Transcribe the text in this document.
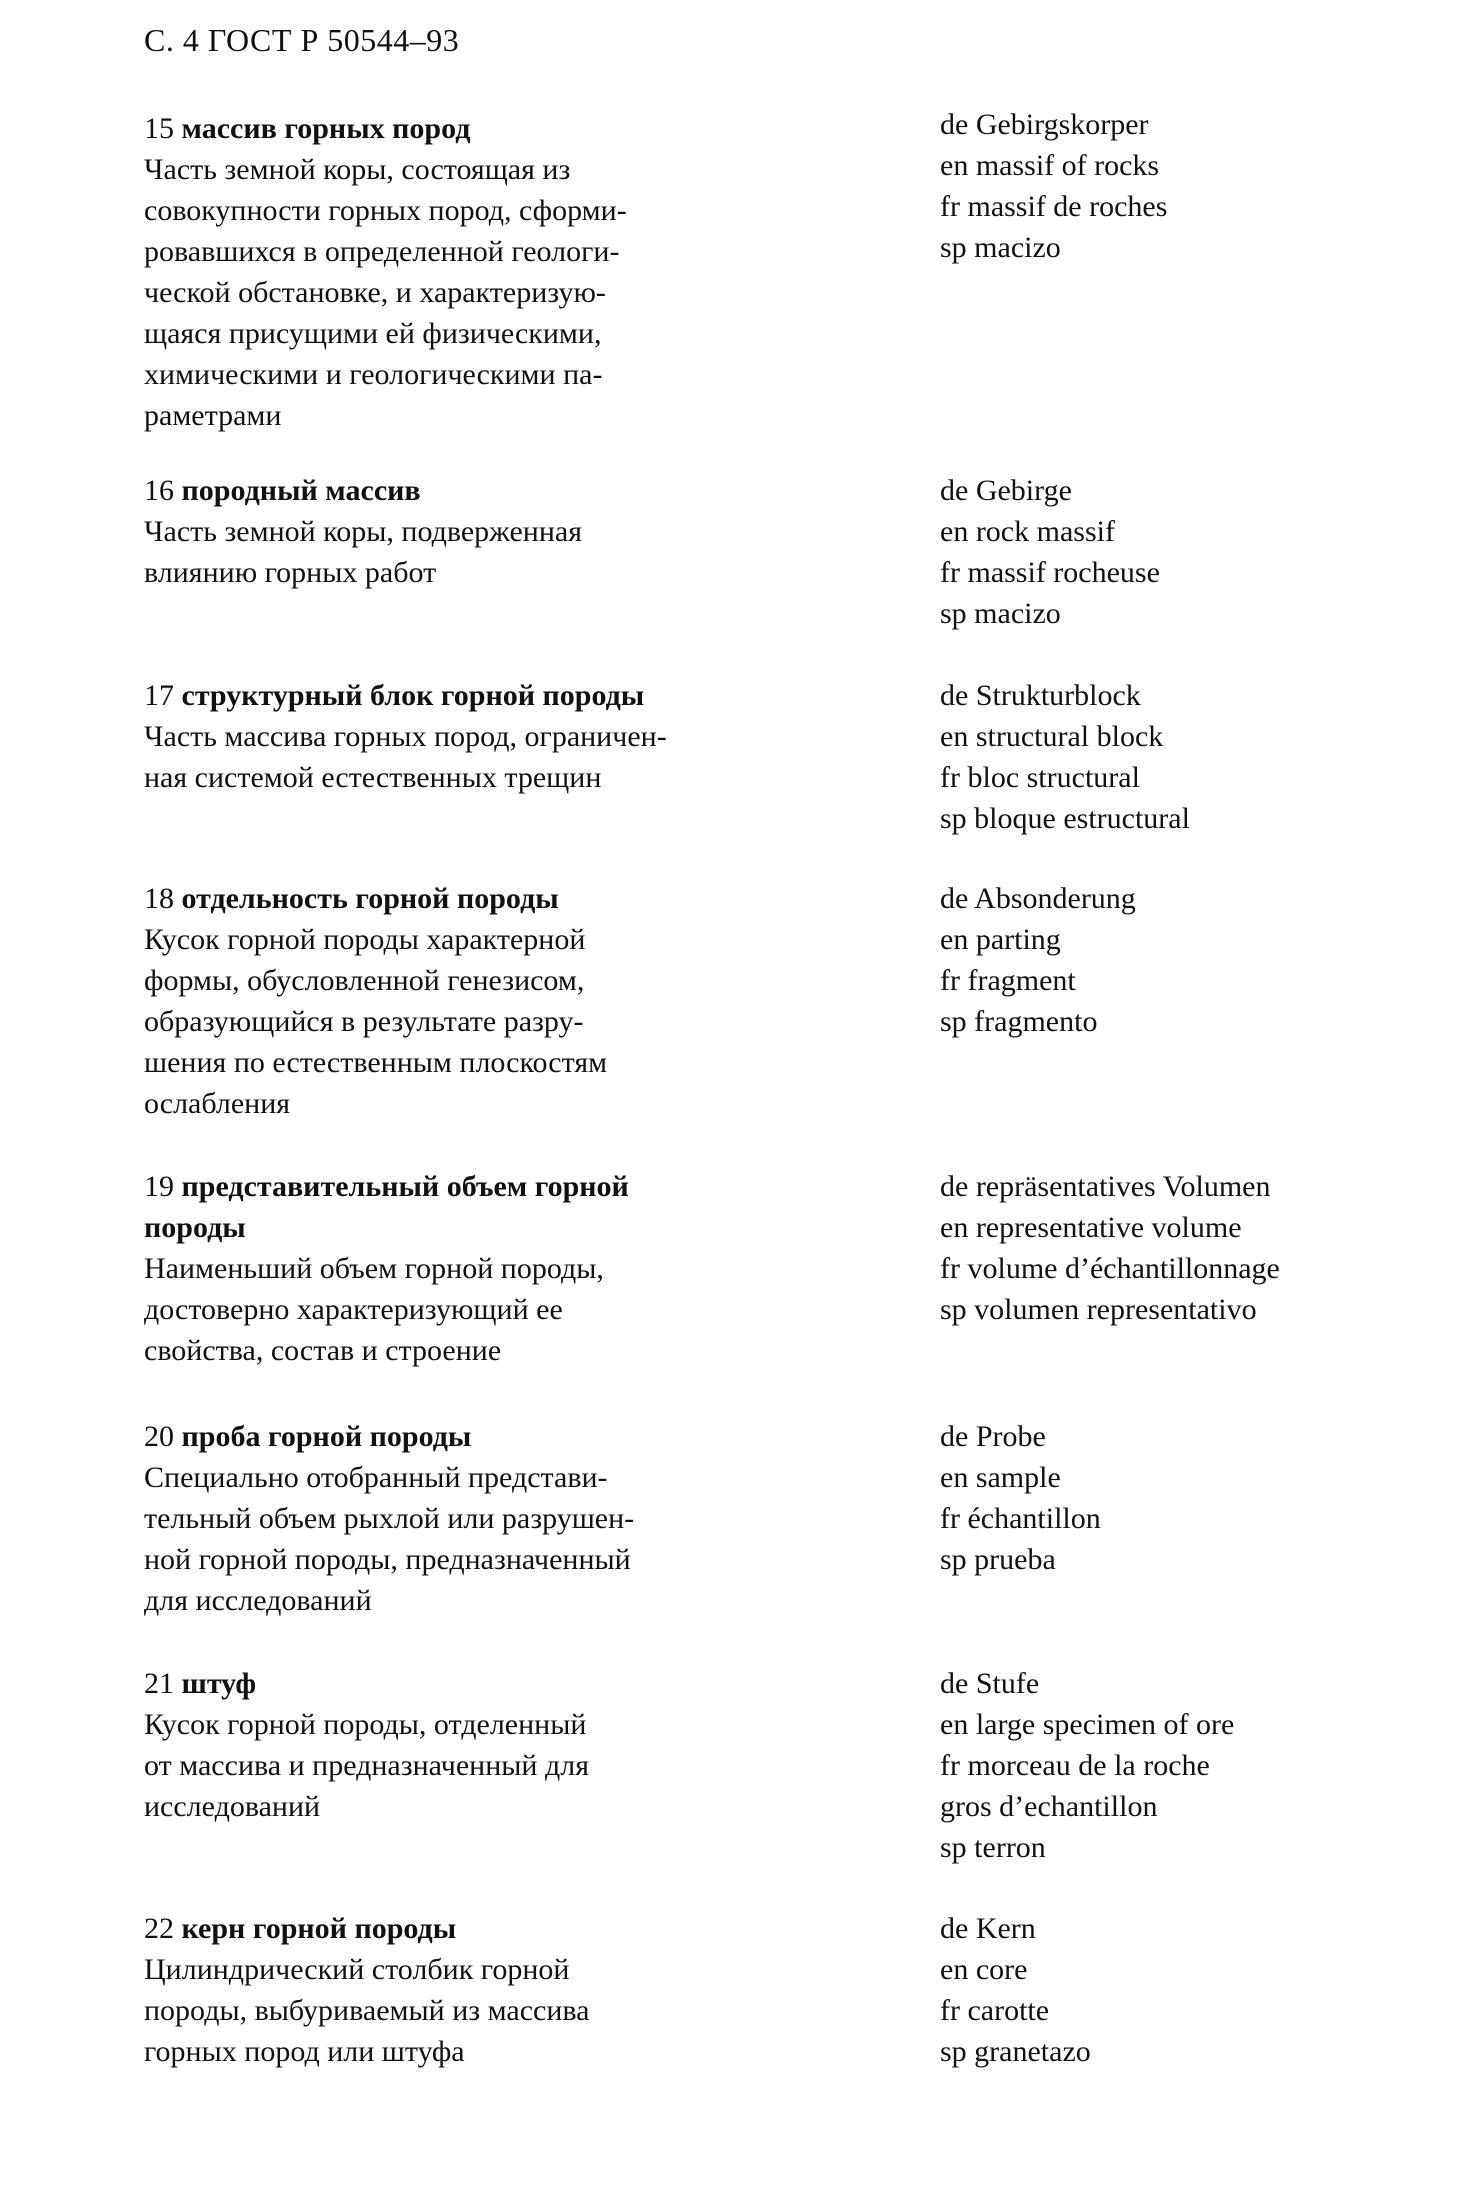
С. 4 ГОСТ Р 50544–93
15 массив горных пород
Часть земной коры, состоящая из
совокупности горных пород, сформи-
ровавшихся в определенной геологи-
ческой обстановке, и характеризую-
щаяся присущими ей физическими,
химическими и геологическими па-
раметрами
de Gebirgskorper
en massif of rocks
fr massif de roches
sp macizo
16 породный массив
Часть земной коры, подверженная
влиянию горных работ
de Gebirge
en rock massif
fr massif rocheuse
sp macizo
17 структурный блок горной породы
Часть массива горных пород, ограничен-
ная системой естественных трещин
de Strukturblock
en structural block
fr bloc structural
sp bloque estructural
18 отдельность горной породы
Кусок горной породы характерной
формы, обусловленной генезисом,
образующийся в результате разру-
шения по естественным плоскостям
ослабления
de Absonderung
en parting
fr fragment
sp fragmento
19 представительный объем горной
породы
Наименьший объем горной породы,
достоверно характеризующий ее
свойства, состав и строение
de repräsentatives Volumen
en representative volume
fr volume d’échantillonnage
sp volumen representativo
20 проба горной породы
Специально отобранный представи-
тельный объем рыхлой или разрушен-
ной горной породы, предназначенный
для исследований
de Probe
en sample
fr échantillon
sp prueba
21 штуф
Кусок горной породы, отделенный
от массива и предназначенный для
исследований
de Stufe
en large specimen of ore
fr morceau de la roche
gros d’echantillon
sp terron
22 керн горной породы
Цилиндрический столбик горной
породы, выбуриваемый из массива
горных пород или штуфа
de Kern
en core
fr carotte
sp granetazo
